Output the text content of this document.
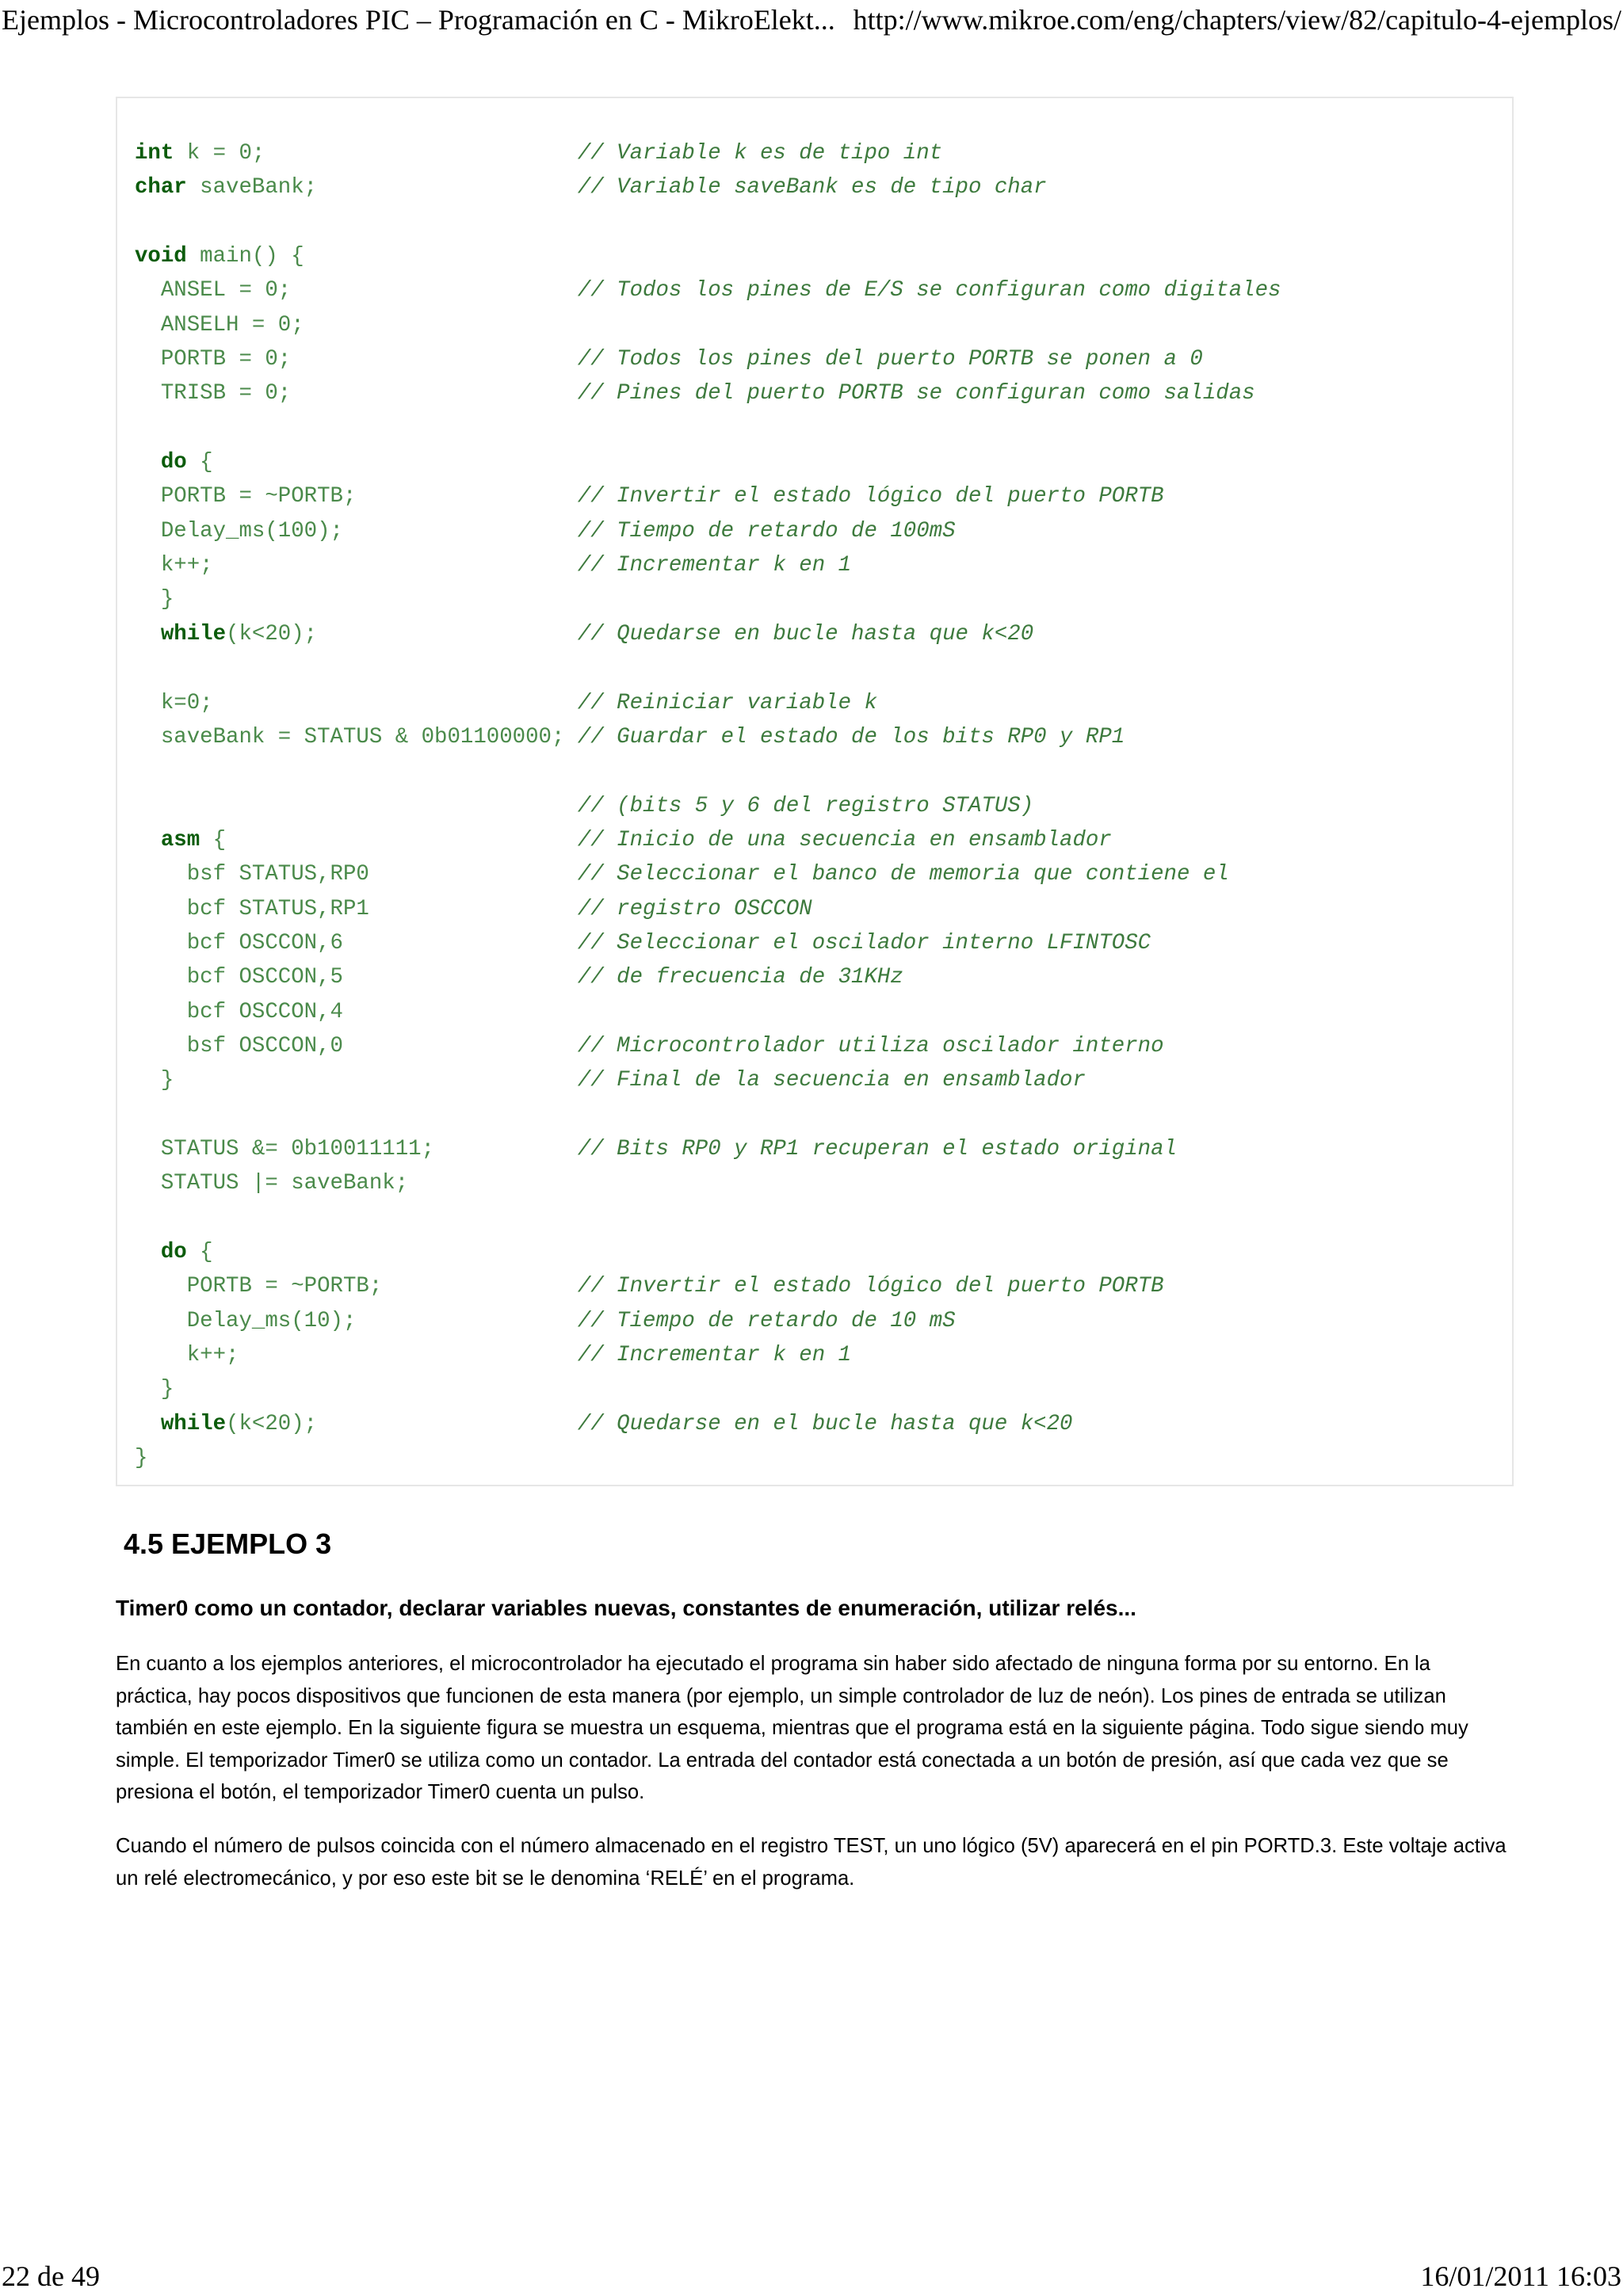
Ejemplos - Microcontroladores PIC – Programación en C - MikroElekt... http://www.mikroe.com/eng/chapters/view/82/capitulo-4-ejemplos/
int k = 0;	// Variable k es de tipo int
char saveBank;	// Variable saveBank es de tipo char
void main() {
ANSEL = 0;	// Todos los pines de E/S se configuran como digitales
ANSELH = 0;
PORTB = 0;	// Todos los pines del puerto PORTB se ponen a 0
TRISB = 0;	// Pines del puerto PORTB se configuran como salidas
do {
PORTB = ~PORTB;	// Invertir el estado lógico del puerto PORTB
Delay_ms(100);	// Tiempo de retardo de 100mS
k++;	// Incrementar k en 1
}
while(k<20);	// Quedarse en bucle hasta que k<20
k=0;	// Reiniciar variable k
saveBank = STATUS & 0b01100000; // Guardar el estado de los bits RP0 y RP1
// (bits 5 y 6 del registro STATUS)
asm {	// Inicio de una secuencia en ensamblador
bsf STATUS,RP0	// Seleccionar el banco de memoria que contiene el
bcf STATUS,RP1	// registro OSCCON
bcf OSCCON,6	// Seleccionar el oscilador interno LFINTOSC
bcf OSCCON,5	// de frecuencia de 31KHz
bcf OSCCON,4
bsf OSCCON,0	// Microcontrolador utiliza oscilador interno
}	// Final de la secuencia en ensamblador
STATUS &= 0b10011111;	// Bits RP0 y RP1 recuperan el estado original
STATUS |= saveBank;
do {
PORTB = ~PORTB;	// Invertir el estado lógico del puerto PORTB
Delay_ms(10);	// Tiempo de retardo de 10 mS
k++;	// Incrementar k en 1
}
while(k<20);	// Quedarse en el bucle hasta que k<20
}
4.5 EJEMPLO 3
Timer0 como un contador, declarar variables nuevas, constantes de enumeración, utilizar relés...

En cuanto a los ejemplos anteriores, el microcontrolador ha ejecutado el programa sin haber sido afectado de ninguna forma por su entorno. En la práctica, hay pocos dispositivos que funcionen de esta manera (por ejemplo, un simple controlador de luz de neón). Los pines de entrada se utilizan también en este ejemplo. En la siguiente figura se muestra un esquema, mientras que el programa está en la siguiente página. Todo sigue siendo muy simple. El temporizador Timer0 se utiliza como un contador. La entrada del contador está conectada a un botón de presión, así que cada vez que se presiona el botón, el temporizador Timer0 cuenta un pulso.

Cuando el número de pulsos coincida con el número almacenado en el registro TEST, un uno lógico (5V) aparecerá en el pin PORTD.3. Este voltaje activa un relé electromecánico, y por eso este bit se le denomina ‘RELÉ’ en el programa.

22 de 49	16/01/2011 16:03
